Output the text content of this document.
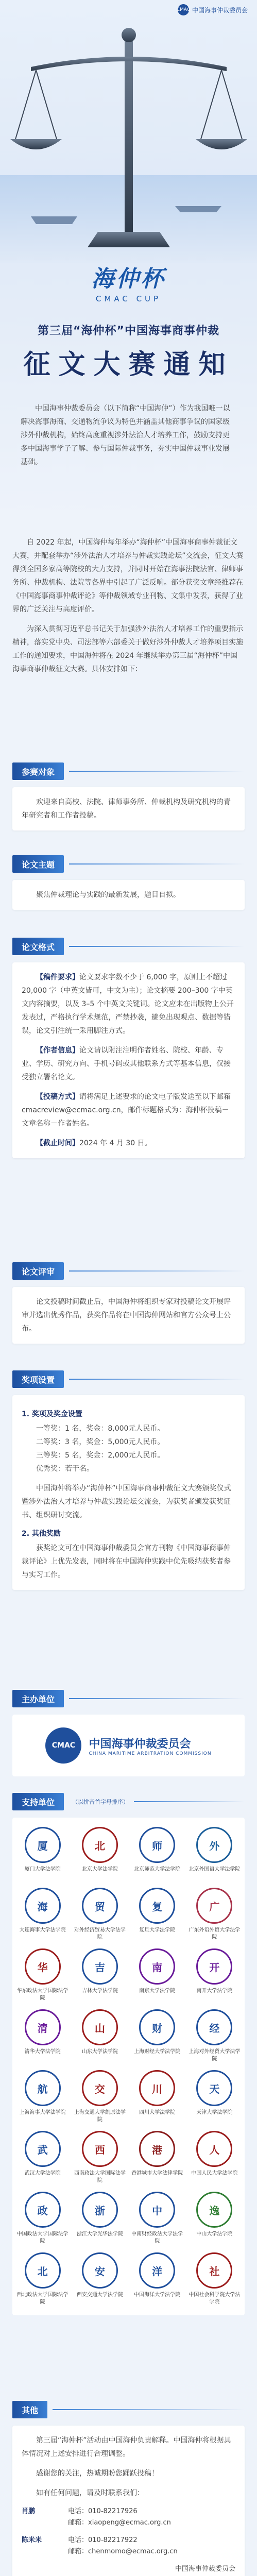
CMAC 中国海事仲裁委员会
海仲杯
CMAC CUP
第三届“海仲杯”中国海事商事仲裁
征文大赛通知

中国海事仲裁委员会（以下简称“中国海仲”）作为我国唯一以解决海事海商、交通物流争议为特色并涵盖其他商事争议的国家级涉外仲裁机构，始终高度重视涉外法治人才培养工作，鼓励支持更多中国海事学子了解、参与国际仲裁事务，夯实中国仲裁事业发展基础。

自 2022 年起，中国海仲每年举办“海仲杯”中国海事商事仲裁征文大赛，并配套举办“涉外法治人才培养与仲裁实践论坛”交流会，征文大赛得到全国多家高等院校的大力支持，并同时开始在海事法院法官、律师事务所、仲裁机构、法院等各界中引起了广泛反响。部分获奖文章经推荐在《中国海事商事仲裁评论》等仲裁领域专业刊物、文集中发表，获得了业界的广泛关注与高度评价。

为深入贯彻习近平总书记关于加强涉外法治人才培养工作的重要指示精神，落实党中央、司法部等六部委关于做好涉外仲裁人才培养项目实施工作的通知要求，中国海仲将在 2024 年继续举办第三届“海仲杯”中国海事商事仲裁征文大赛。具体安排如下：

参赛对象

欢迎来自高校、法院、律师事务所、仲裁机构及研究机构的青年研究者和工作者投稿。

论文主题

聚焦仲裁理论与实践的最新发展，题目自拟。

论文格式

【稿件要求】论文要求字数不少于 6,000 字，原则上不超过 20,000 字（中英文皆可，中文为主）；论文摘要 200–300 字中英文内容摘要，以及 3–5 个中英文关键词。论文应未在出版物上公开发表过，严格执行学术规范，严禁抄袭，避免出现观点、数据等错误，论文引注统一采用脚注方式。

【作者信息】论文请以附注注明作者姓名、院校、年龄、专业、学历、研究方向、手机号码或其他联系方式等基本信息，仅接受独立署名论文。

【投稿方式】请将满足上述要求的论文电子版发送至以下邮箱 cmacreview@ecmac.org.cn，邮件标题格式为：海仲杯投稿－文章名称－作者姓名。

【截止时间】2024 年 4 月 30 日。

论文评审

论文投稿时间截止后，中国海仲将组织专家对投稿论文开展评审并选出优秀作品，获奖作品将在中国海仲网站和官方公众号上公布。

奖项设置
1. 奖项及奖金设置
一等奖：1 名，奖金：8,000元人民币。
二等奖：3 名，奖金：5,000元人民币。
三等奖：5 名，奖金：2,000元人民币。
优秀奖：若干名。

中国海仲将举办“海仲杯”中国海事商事仲裁征文大赛颁奖仪式暨涉外法治人才培养与仲裁实践论坛交流会，为获奖者颁发获奖证书、组织研讨交流。

2. 其他奖励

获奖论文可在中国海事仲裁委员会官方刊物《中国海事商事仲裁评论》上优先发表，同时将在中国海仲实践中优先吸纳获奖者参与实习工作。

主办单位
CMAC	中国海事仲裁委员会
CHINA MARITIME ARBITRATION COMMISSION
支持单位	（以拼音首字母排序）
厦
厦门大学法学院
北
北京大学法学院
师
北京师范大学法学院
外
北京外国语大学法学院
海
大连海事大学法学院
贸
对外经济贸易大学法学院
复
复旦大学法学院
广
广东外语外贸大学法学院
华
华东政法大学国际法学院
吉
吉林大学法学院
南
南京大学法学院
开
南开大学法学院
清
清华大学法学院
山
山东大学法学院
财
上海财经大学法学院
经
上海对外经贸大学法学院
航
上海海事大学法学院
交
上海交通大学凯原法学院
川
四川大学法学院
天
天津大学法学院
武
武汉大学法学院
西
西南政法大学国际法学院
港
香港城市大学法律学院
人
中国人民大学法学院
政
中国政法大学国际法学院
浙
浙江大学光华法学院
中
中南财经政法大学法学院
逸
中山大学法学院
北
西北政法大学国际法学院
安
西安交通大学法学院
洋
中国海洋大学法学院
社
中国社会科学院大学法学院
其他

第三届“海仲杯”活动由中国海仲负责解释。中国海仲将根据具体情况对上述安排进行合理调整。

感谢您的关注，热诚期盼您踊跃投稿！

如有任何问题，请及时联系我们：

肖鹏	电话：010-82217926
邮箱：xiaopeng@ecmac.org.cn
陈米米	电话：010-82217922
邮箱：chenmomo@ecmac.org.cn
中国海事仲裁委员会
